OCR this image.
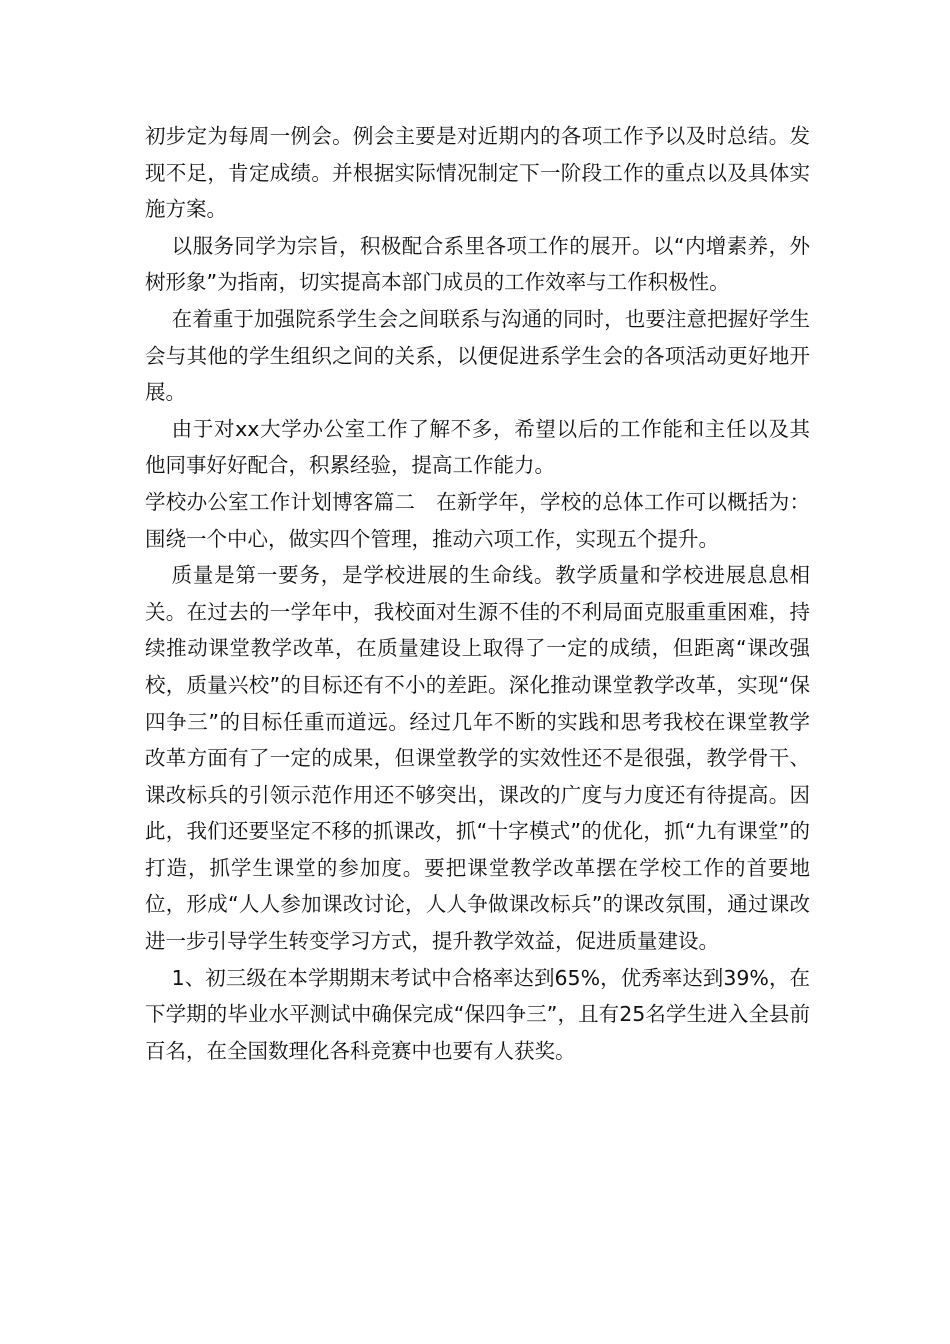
初步定为每周一例会。例会主要是对近期内的各项工作予以及时总结。发现不足，肯定成绩。并根据实际情况制定下一阶段工作的重点以及具体实施方案。

以服务同学为宗旨，积极配合系里各项工作的展开。以“内增素养，外树形象”为指南，切实提高本部门成员的工作效率与工作积极性。

在着重于加强院系学生会之间联系与沟通的同时，也要注意把握好学生会与其他的学生组织之间的关系，以便促进系学生会的各项活动更好地开展。

由于对xx大学办公室工作了解不多，希望以后的工作能和主任以及其他同事好好配合，积累经验，提高工作能力。

学校办公室工作计划博客篇二　在新学年，学校的总体工作可以概括为：围绕一个中心，做实四个管理，推动六项工作，实现五个提升。

质量是第一要务，是学校进展的生命线。教学质量和学校进展息息相关。在过去的一学年中，我校面对生源不佳的不利局面克服重重困难，持续推动课堂教学改革，在质量建设上取得了一定的成绩，但距离“课改强校，质量兴校”的目标还有不小的差距。深化推动课堂教学改革，实现“保四争三”的目标任重而道远。经过几年不断的实践和思考我校在课堂教学改革方面有了一定的成果，但课堂教学的实效性还不是很强，教学骨干、课改标兵的引领示范作用还不够突出，课改的广度与力度还有待提高。因此，我们还要坚定不移的抓课改，抓“十字模式”的优化，抓“九有课堂”的打造，抓学生课堂的参加度。要把课堂教学改革摆在学校工作的首要地位，形成“人人参加课改讨论，人人争做课改标兵”的课改氛围，通过课改进一步引导学生转变学习方式，提升教学效益，促进质量建设。

1、初三级在本学期期末考试中合格率达到65%，优秀率达到39%，在下学期的毕业水平测试中确保完成“保四争三”，且有25名学生进入全县前百名，在全国数理化各科竞赛中也要有人获奖。
